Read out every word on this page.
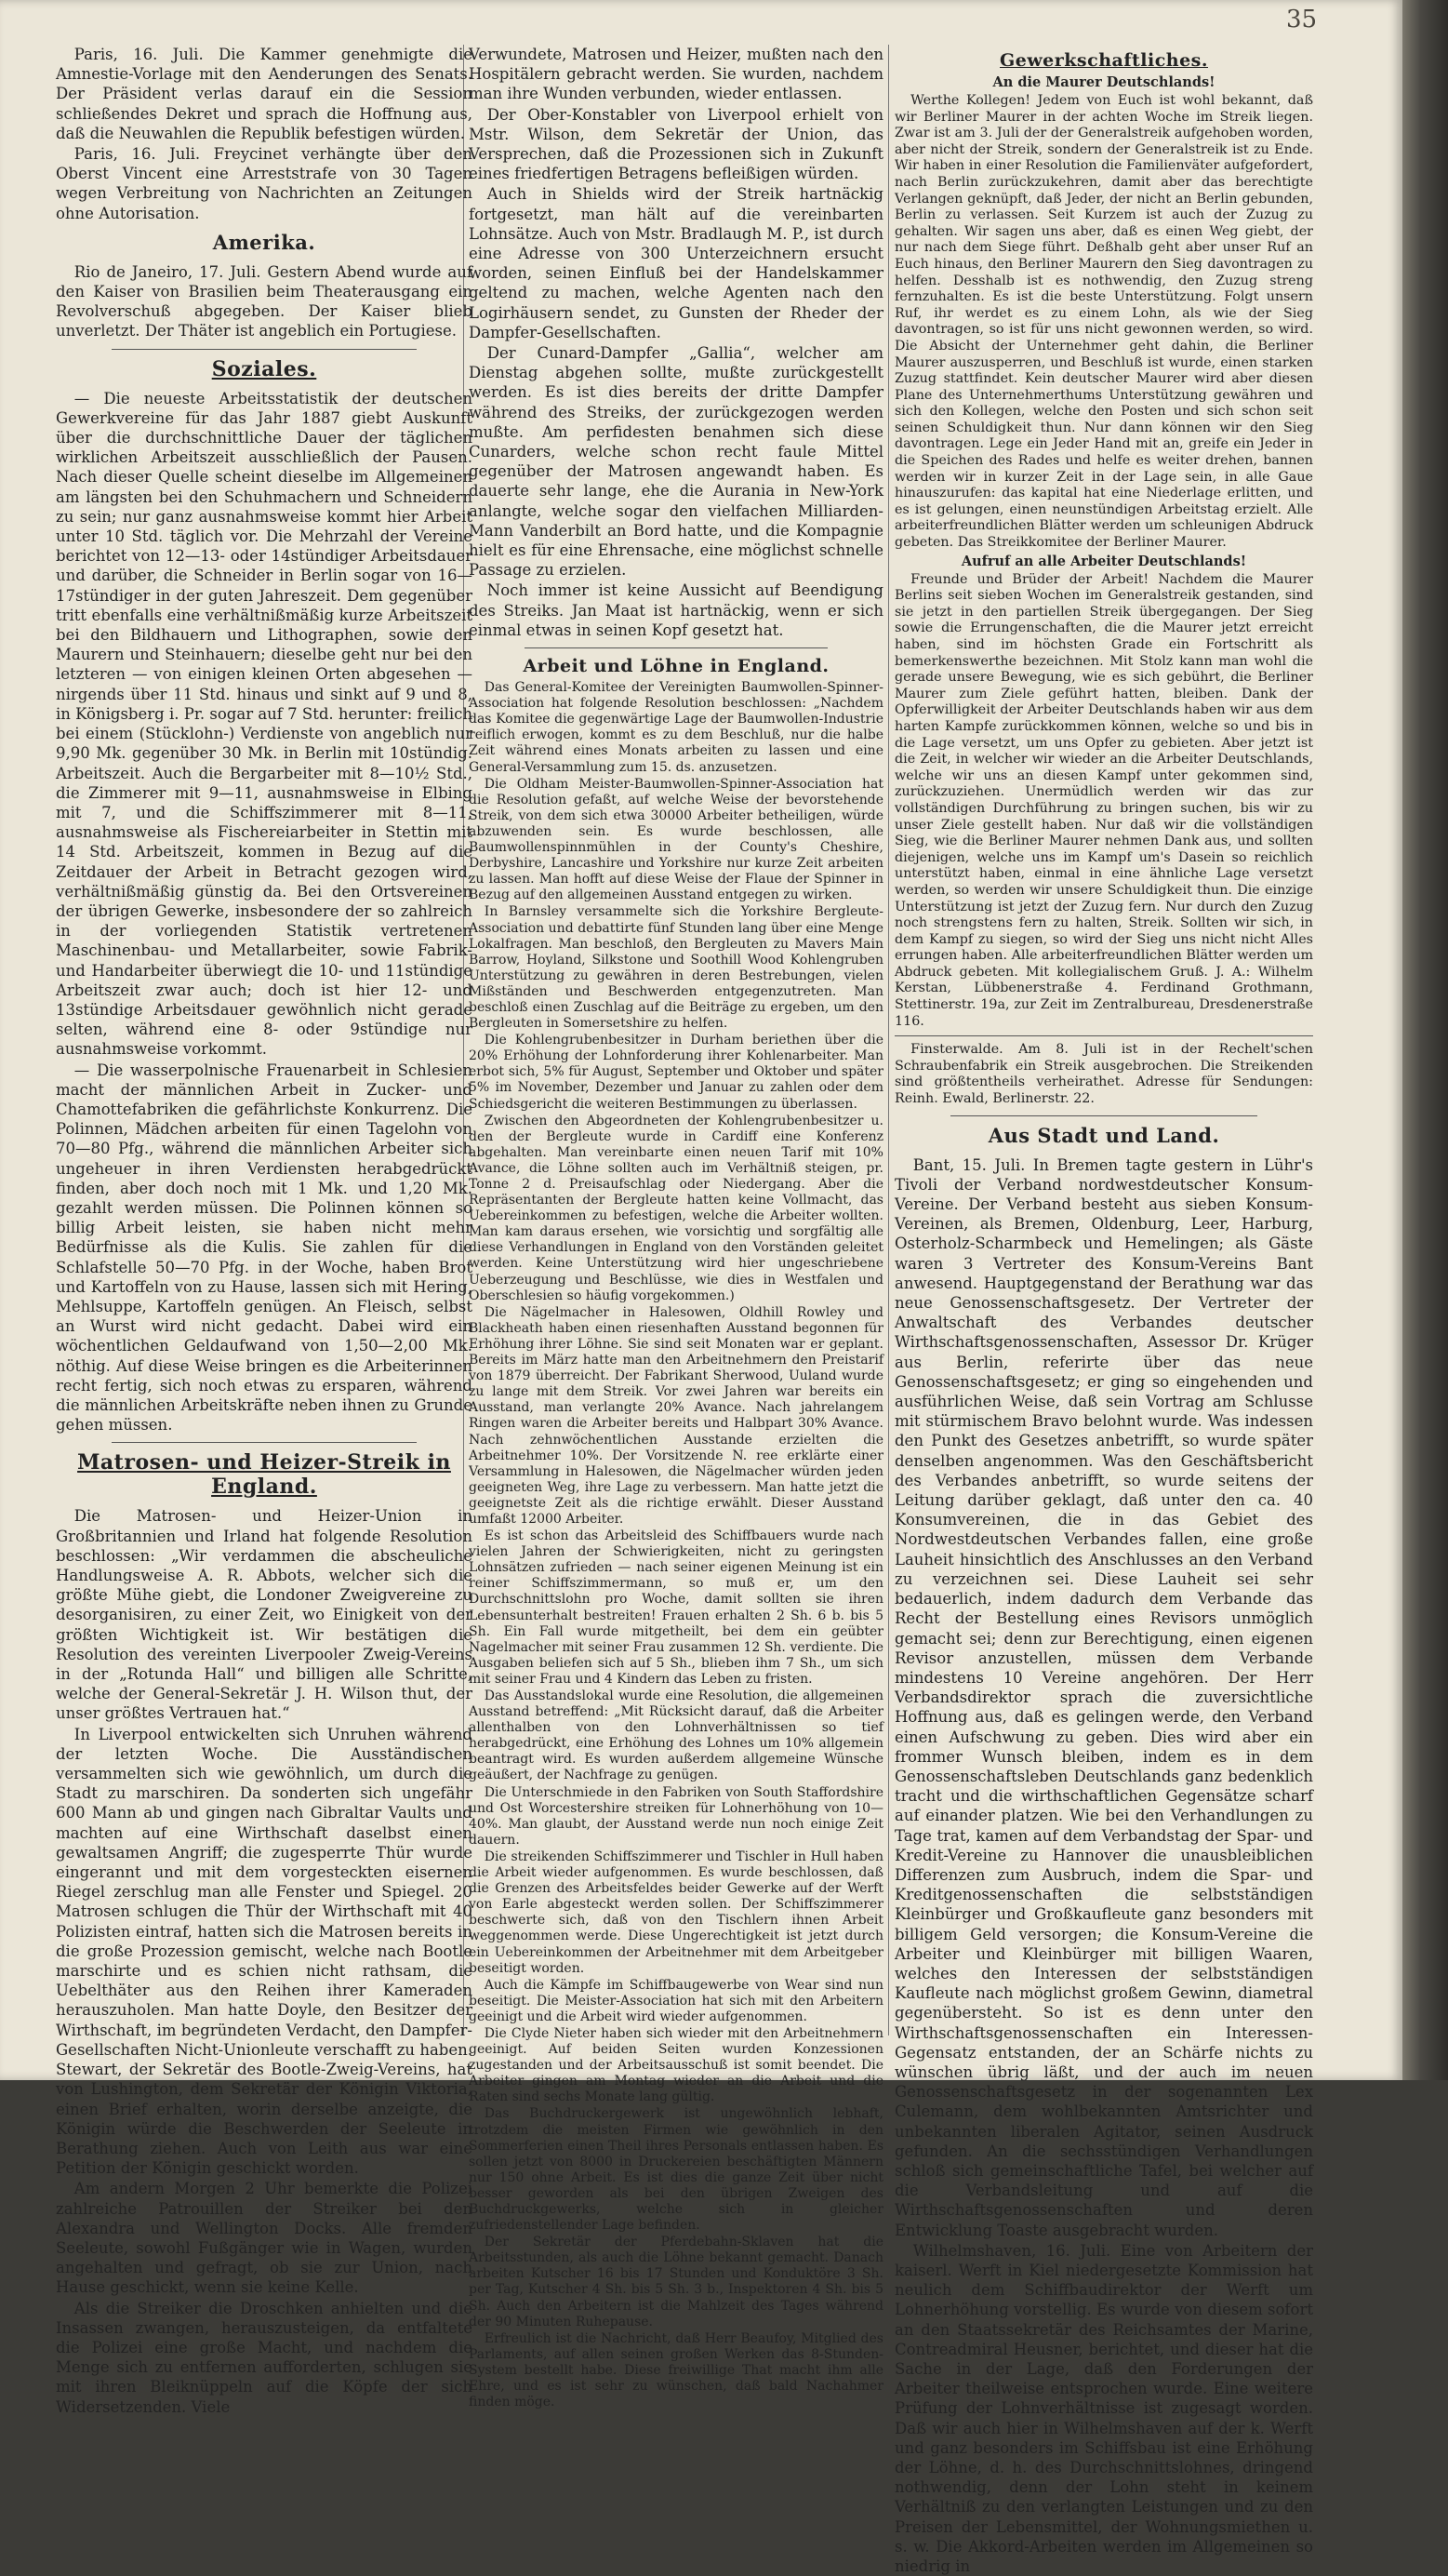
35

Paris, 16. Juli. Die Kammer genehmigte die Amnestie-Vorlage mit den Aenderungen des Senats. Der Präsident verlas darauf ein die Session schließendes Dekret und sprach die Hoffnung aus, daß die Neuwahlen die Republik befestigen würden.

Paris, 16. Juli. Freycinet verhängte über den Oberst Vincent eine Arreststrafe von 30 Tagen wegen Verbreitung von Nachrichten an Zeitungen ohne Autorisation.

Amerika.

Rio de Janeiro, 17. Juli. Gestern Abend wurde auf den Kaiser von Brasilien beim Theaterausgang ein Revolverschuß abgegeben. Der Kaiser blieb unverletzt. Der Thäter ist angeblich ein Portugiese.

Soziales.

— Die neueste Arbeitsstatistik der deutschen Gewerkvereine für das Jahr 1887 giebt Auskunft über die durchschnittliche Dauer der täglichen wirklichen Arbeitszeit ausschließlich der Pausen. Nach dieser Quelle scheint dieselbe im Allgemeinen am längsten bei den Schuhmachern und Schneidern zu sein; nur ganz ausnahmsweise kommt hier Arbeit unter 10 Std. täglich vor. Die Mehrzahl der Vereine berichtet von 12—13- oder 14stündiger Arbeitsdauer und darüber, die Schneider in Berlin sogar von 16—17stündiger in der guten Jahreszeit. Dem gegenüber tritt ebenfalls eine verhältnißmäßig kurze Arbeitszeit bei den Bildhauern und Lithographen, sowie den Maurern und Steinhauern; dieselbe geht nur bei den letzteren — von einigen kleinen Orten abgesehen — nirgends über 11 Std. hinaus und sinkt auf 9 und 8, in Königsberg i. Pr. sogar auf 7 Std. herunter: freilich bei einem (Stücklohn-) Verdienste von angeblich nur 9,90 Mk. gegenüber 30 Mk. in Berlin mit 10stündig. Arbeitszeit. Auch die Bergarbeiter mit 8—10½ Std., die Zimmerer mit 9—11, ausnahmsweise in Elbing mit 7, und die Schiffszimmerer mit 8—11, ausnahmsweise als Fischereiarbeiter in Stettin mit 14 Std. Arbeitszeit, kommen in Bezug auf die Zeitdauer der Arbeit in Betracht gezogen wird, verhältnißmäßig günstig da. Bei den Ortsvereinen der übrigen Gewerke, insbesondere der so zahlreich in der vorliegenden Statistik vertretenen Maschinenbau- und Metallarbeiter, sowie Fabrik- und Handarbeiter überwiegt die 10- und 11stündige Arbeitszeit zwar auch; doch ist hier 12- und 13stündige Arbeitsdauer gewöhnlich nicht gerade selten, während eine 8- oder 9stündige nur ausnahmsweise vorkommt.

— Die wasserpolnische Frauenarbeit in Schlesien macht der männlichen Arbeit in Zucker- und Chamottefabriken die gefährlichste Konkurrenz. Die Polinnen, Mädchen arbeiten für einen Tagelohn von 70—80 Pfg., während die männlichen Arbeiter sich ungeheuer in ihren Verdiensten herabgedrückt finden, aber doch noch mit 1 Mk. und 1,20 Mk. gezahlt werden müssen. Die Polinnen können so billig Arbeit leisten, sie haben nicht mehr Bedürfnisse als die Kulis. Sie zahlen für die Schlafstelle 50—70 Pfg. in der Woche, haben Brot und Kartoffeln von zu Hause, lassen sich mit Hering, Mehlsuppe, Kartoffeln genügen. An Fleisch, selbst an Wurst wird nicht gedacht. Dabei wird ein wöchentlichen Geldaufwand von 1,50—2,00 Mk. nöthig. Auf diese Weise bringen es die Arbeiterinnen recht fertig, sich noch etwas zu ersparen, während die männlichen Arbeitskräfte neben ihnen zu Grunde gehen müssen.

Matrosen- und Heizer-Streik in England.

Die Matrosen- und Heizer-Union in Großbritannien und Irland hat folgende Resolution beschlossen: „Wir verdammen die abscheuliche Handlungsweise A. R. Abbots, welcher sich die größte Mühe giebt, die Londoner Zweigvereine zu desorganisiren, zu einer Zeit, wo Einigkeit von der größten Wichtigkeit ist. Wir bestätigen die Resolution des vereinten Liverpooler Zweig-Vereins in der „Rotunda Hall“ und billigen alle Schritte, welche der General-Sekretär J. H. Wilson thut, der unser größtes Vertrauen hat.“

In Liverpool entwickelten sich Unruhen während der letzten Woche. Die Ausständischen versammelten sich wie gewöhnlich, um durch die Stadt zu marschiren. Da sonderten sich ungefähr 600 Mann ab und gingen nach Gibraltar Vaults und machten auf eine Wirthschaft daselbst einen gewaltsamen Angriff; die zugesperrte Thür wurde eingerannt und mit dem vorgesteckten eisernen Riegel zerschlug man alle Fenster und Spiegel. 20 Matrosen schlugen die Thür der Wirthschaft mit 40 Polizisten eintraf, hatten sich die Matrosen bereits in die große Prozession gemischt, welche nach Bootle marschirte und es schien nicht rathsam, die Uebelthäter aus den Reihen ihrer Kameraden herauszuholen. Man hatte Doyle, den Besitzer der Wirthschaft, im begründeten Verdacht, den Dampfer-Gesellschaften Nicht-Unionleute verschafft zu haben. Stewart, der Sekretär des Bootle-Zweig-Vereins, hat von Lushington, dem Sekretär der Königin Viktoria, einen Brief erhalten, worin derselbe anzeigte, die Königin würde die Beschwerden der Seeleute in Berathung ziehen. Auch von Leith aus war eine Petition der Königin geschickt worden.

Am andern Morgen 2 Uhr bemerkte die Polizei zahlreiche Patrouillen der Streiker bei den Alexandra und Wellington Docks. Alle fremden Seeleute, sowohl Fußgänger wie in Wagen, wurden angehalten und gefragt, ob sie zur Union, nach Hause geschickt, wenn sie keine Kelle.

Als die Streiker die Droschken anhielten und die Insassen zwangen, herauszusteigen, da entfaltete die Polizei eine große Macht, und nachdem die Menge sich zu entfernen aufforderten, schlugen sie mit ihren Bleiknüppeln auf die Köpfe der sich Widersetzenden. Viele

Verwundete, Matrosen und Heizer, mußten nach den Hospitälern gebracht werden. Sie wurden, nachdem man ihre Wunden verbunden, wieder entlassen.

Der Ober-Konstabler von Liverpool erhielt von Mstr. Wilson, dem Sekretär der Union, das Versprechen, daß die Prozessionen sich in Zukunft eines friedfertigen Betragens befleißigen würden.

Auch in Shields wird der Streik hartnäckig fortgesetzt, man hält auf die vereinbarten Lohnsätze. Auch von Mstr. Bradlaugh M. P., ist durch eine Adresse von 300 Unterzeichnern ersucht worden, seinen Einfluß bei der Handelskammer geltend zu machen, welche Agenten nach den Logirhäusern sendet, zu Gunsten der Rheder der Dampfer-Gesellschaften.

Der Cunard-Dampfer „Gallia“, welcher am Dienstag abgehen sollte, mußte zurückgestellt werden. Es ist dies bereits der dritte Dampfer während des Streiks, der zurückgezogen werden mußte. Am perfidesten benahmen sich diese Cunarders, welche schon recht faule Mittel gegenüber der Matrosen angewandt haben. Es dauerte sehr lange, ehe die Aurania in New-York anlangte, welche sogar den vielfachen Milliarden-Mann Vanderbilt an Bord hatte, und die Kompagnie hielt es für eine Ehrensache, eine möglichst schnelle Passage zu erzielen.

Noch immer ist keine Aussicht auf Beendigung des Streiks. Jan Maat ist hartnäckig, wenn er sich einmal etwas in seinen Kopf gesetzt hat.

Arbeit und Löhne in England.

Das General-Komitee der Vereinigten Baumwollen-Spinner-Association hat folgende Resolution beschlossen: „Nachdem das Komitee die gegenwärtige Lage der Baumwollen-Industrie reiflich erwogen, kommt es zu dem Beschluß, nur die halbe Zeit während eines Monats arbeiten zu lassen und eine General-Versammlung zum 15. ds. anzusetzen.

Die Oldham Meister-Baumwollen-Spinner-Association hat die Resolution gefaßt, auf welche Weise der bevorstehende Streik, von dem sich etwa 30000 Arbeiter betheiligen, würde abzuwenden sein. Es wurde beschlossen, alle Baumwollenspinnmühlen in der County's Cheshire, Derbyshire, Lancashire und Yorkshire nur kurze Zeit arbeiten zu lassen. Man hofft auf diese Weise der Flaue der Spinner in Bezug auf den allgemeinen Ausstand entgegen zu wirken.

In Barnsley versammelte sich die Yorkshire Bergleute-Association und debattirte fünf Stunden lang über eine Menge Lokalfragen. Man beschloß, den Bergleuten zu Mavers Main Barrow, Hoyland, Silkstone und Soothill Wood Kohlengruben Unterstützung zu gewähren in deren Bestrebungen, vielen Mißständen und Beschwerden entgegenzutreten. Man beschloß einen Zuschlag auf die Beiträge zu ergeben, um den Bergleuten in Somersetshire zu helfen.

Die Kohlengrubenbesitzer in Durham beriethen über die 20% Erhöhung der Lohnforderung ihrer Kohlenarbeiter. Man erbot sich, 5% für August, September und Oktober und später 5% im November, Dezember und Januar zu zahlen oder dem Schiedsgericht die weiteren Bestimmungen zu überlassen.

Zwischen den Abgeordneten der Kohlengrubenbesitzer u. den der Bergleute wurde in Cardiff eine Konferenz abgehalten. Man vereinbarte einen neuen Tarif mit 10% Avance, die Löhne sollten auch im Verhältniß steigen, pr. Tonne 2 d. Preisaufschlag oder Niedergang. Aber die Repräsentanten der Bergleute hatten keine Vollmacht, das Uebereinkommen zu befestigen, welche die Arbeiter wollten. Man kam daraus ersehen, wie vorsichtig und sorgfältig alle diese Verhandlungen in England von den Vorständen geleitet werden. Keine Unterstützung wird hier ungeschriebene Ueberzeugung und Beschlüsse, wie dies in Westfalen und Oberschlesien so häufig vorgekommen.)

Die Nägelmacher in Halesowen, Oldhill Rowley und Blackheath haben einen riesenhaften Ausstand begonnen für Erhöhung ihrer Löhne. Sie sind seit Monaten war er geplant. Bereits im März hatte man den Arbeitnehmern den Preistarif von 1879 überreicht. Der Fabrikant Sherwood, Uuland wurde zu lange mit dem Streik. Vor zwei Jahren war bereits ein Ausstand, man verlangte 20% Avance. Nach jahrelangem Ringen waren die Arbeiter bereits und Halbpart 30% Avance. Nach zehnwöchentlichen Ausstande erzielten die Arbeitnehmer 10%. Der Vorsitzende N. ree erklärte einer Versammlung in Halesowen, die Nägelmacher würden jeden geeigneten Weg, ihre Lage zu verbessern. Man hatte jetzt die geeignetste Zeit als die richtige erwählt. Dieser Ausstand umfaßt 12000 Arbeiter.

Es ist schon das Arbeitsleid des Schiffbauers wurde nach vielen Jahren der Schwierigkeiten, nicht zu geringsten Lohnsätzen zufrieden — nach seiner eigenen Meinung ist ein reiner Schiffszimmermann, so muß er, um den Durchschnittslohn pro Woche, damit sollten sie ihren Lebensunterhalt bestreiten! Frauen erhalten 2 Sh. 6 b. bis 5 Sh. Ein Fall wurde mitgetheilt, bei dem ein geübter Nagelmacher mit seiner Frau zusammen 12 Sh. verdiente. Die Ausgaben beliefen sich auf 5 Sh., blieben ihm 7 Sh., um sich mit seiner Frau und 4 Kindern das Leben zu fristen.

Das Ausstandslokal wurde eine Resolution, die allgemeinen Ausstand betreffend: „Mit Rücksicht darauf, daß die Arbeiter allenthalben von den Lohnverhältnissen so tief herabgedrückt, eine Erhöhung des Lohnes um 10% allgemein beantragt wird. Es wurden außerdem allgemeine Wünsche geäußert, der Nachfrage zu genügen.

Die Unterschmiede in den Fabriken von South Staffordshire und Ost Worcestershire streiken für Lohnerhöhung von 10—40%. Man glaubt, der Ausstand werde nun noch einige Zeit dauern.

Die streikenden Schiffszimmerer und Tischler in Hull haben die Arbeit wieder aufgenommen. Es wurde beschlossen, daß die Grenzen des Arbeitsfeldes beider Gewerke auf der Werft von Earle abgesteckt werden sollen. Der Schiffszimmerer beschwerte sich, daß von den Tischlern ihnen Arbeit weggenommen werde. Diese Ungerechtigkeit ist jetzt durch ein Uebereinkommen der Arbeitnehmer mit dem Arbeitgeber beseitigt worden.

Auch die Kämpfe im Schiffbaugewerbe von Wear sind nun beseitigt. Die Meister-Association hat sich mit den Arbeitern geeinigt und die Arbeit wird wieder aufgenommen.

Die Clyde Nieter haben sich wieder mit den Arbeitnehmern geeinigt. Auf beiden Seiten wurden Konzessionen zugestanden und der Arbeitsausschuß ist somit beendet. Die Arbeiter gingen am Montag wieder an die Arbeit und die Raten sind sechs Monate lang gültig.

Das Buchdruckergewerk ist ungewöhnlich lebhaft, trotzdem die meisten Firmen wie gewöhnlich in den Sommerferien einen Theil ihres Personals entlassen haben. Es sollen jetzt von 8000 in Druckereien beschäftigten Männern nur 150 ohne Arbeit. Es ist dies die ganze Zeit über nicht besser geworden als bei den übrigen Zweigen des Buchdruckgewerks, welche sich in gleicher zufriedenstellender Lage befinden.

Der Sekretär der Pferdebahn-Sklaven hat die Arbeitsstunden, als auch die Löhne bekannt gemacht. Danach arbeiten Kutscher 16 bis 17 Stunden und Konduktöre 3 Sh. per Tag, Kutscher 4 Sh. bis 5 Sh. 3 b., Inspektoren 4 Sh. bis 5 Sh. Auch den Arbeitern ist die Mahlzeit des Tages während der 90 Minuten Ruhepause.

Erfreulich ist die Nachricht, daß Herr Beaufoy, Mitglied des Parlaments, auf allen seinen großen Werken das 8-Stunden-System bestellt habe. Diese freiwillige That macht ihm alle Ehre, und es ist sehr zu wünschen, daß bald Nachahmer finden möge.

Gewerkschaftliches.
An die Maurer Deutschlands!

Werthe Kollegen! Jedem von Euch ist wohl bekannt, daß wir Berliner Maurer in der achten Woche im Streik liegen. Zwar ist am 3. Juli der der Generalstreik aufgehoben worden, aber nicht der Streik, sondern der Generalstreik ist zu Ende. Wir haben in einer Resolution die Familienväter aufgefordert, nach Berlin zurückzukehren, damit aber das berechtigte Verlangen geknüpft, daß Jeder, der nicht an Berlin gebunden, Berlin zu verlassen. Seit Kurzem ist auch der Zuzug zu gehalten. Wir sagen uns aber, daß es einen Weg giebt, der nur nach dem Siege führt. Deßhalb geht aber unser Ruf an Euch hinaus, den Berliner Maurern den Sieg davontragen zu helfen. Desshalb ist es nothwendig, den Zuzug streng fernzuhalten. Es ist die beste Unterstützung. Folgt unsern Ruf, ihr werdet es zu einem Lohn, als wie der Sieg davontragen, so ist für uns nicht gewonnen werden, so wird. Die Absicht der Unternehmer geht dahin, die Berliner Maurer auszusperren, und Beschluß ist wurde, einen starken Zuzug stattfindet. Kein deutscher Maurer wird aber diesen Plane des Unternehmerthums Unterstützung gewähren und sich den Kollegen, welche den Posten und sich schon seit seinen Schuldigkeit thun. Nur dann können wir den Sieg davontragen. Lege ein Jeder Hand mit an, greife ein Jeder in die Speichen des Rades und helfe es weiter drehen, bannen werden wir in kurzer Zeit in der Lage sein, in alle Gaue hinauszurufen: das kapital hat eine Niederlage erlitten, und es ist gelungen, einen neunstündigen Arbeitstag erzielt. Alle arbeiterfreundlichen Blätter werden um schleunigen Abdruck gebeten. Das Streikkomitee der Berliner Maurer.

Aufruf an alle Arbeiter Deutschlands!

Freunde und Brüder der Arbeit! Nachdem die Maurer Berlins seit sieben Wochen im Generalstreik gestanden, sind sie jetzt in den partiellen Streik übergegangen. Der Sieg sowie die Errungenschaften, die die Maurer jetzt erreicht haben, sind im höchsten Grade ein Fortschritt als bemerkenswerthe bezeichnen. Mit Stolz kann man wohl die gerade unsere Bewegung, wie es sich gebührt, die Berliner Maurer zum Ziele geführt hatten, bleiben. Dank der Opferwilligkeit der Arbeiter Deutschlands haben wir aus dem harten Kampfe zurückkommen können, welche so und bis in die Lage versetzt, um uns Opfer zu gebieten. Aber jetzt ist die Zeit, in welcher wir wieder an die Arbeiter Deutschlands, welche wir uns an diesen Kampf unter gekommen sind, zurückzuziehen. Unermüdlich werden wir das zur vollständigen Durchführung zu bringen suchen, bis wir zu unser Ziele gestellt haben. Nur daß wir die vollständigen Sieg, wie die Berliner Maurer nehmen Dank aus, und sollten diejenigen, welche uns im Kampf um's Dasein so reichlich unterstützt haben, einmal in eine ähnliche Lage versetzt werden, so werden wir unsere Schuldigkeit thun. Die einzige Unterstützung ist jetzt der Zuzug fern. Nur durch den Zuzug noch strengstens fern zu halten, Streik. Sollten wir sich, in dem Kampf zu siegen, so wird der Sieg uns nicht nicht Alles errungen haben. Alle arbeiterfreundlichen Blätter werden um Abdruck gebeten. Mit kollegialischem Gruß. J. A.: Wilhelm Kerstan, Lübbenerstraße 4. Ferdinand Grothmann, Stettinerstr. 19a, zur Zeit im Zentralbureau, Dresdenerstraße 116.

Finsterwalde. Am 8. Juli ist in der Rechelt'schen Schraubenfabrik ein Streik ausgebrochen. Die Streikenden sind größtentheils verheirathet. Adresse für Sendungen: Reinh. Ewald, Berlinerstr. 22.

Aus Stadt und Land.

Bant, 15. Juli. In Bremen tagte gestern in Lühr's Tivoli der Verband nordwestdeutscher Konsum-Vereine. Der Verband besteht aus sieben Konsum-Vereinen, als Bremen, Oldenburg, Leer, Harburg, Osterholz-Scharmbeck und Hemelingen; als Gäste waren 3 Vertreter des Konsum-Vereins Bant anwesend. Hauptgegenstand der Berathung war das neue Genossenschaftsgesetz. Der Vertreter der Anwaltschaft des Verbandes deutscher Wirthschaftsgenossenschaften, Assessor Dr. Krüger aus Berlin, referirte über das neue Genossenschaftsgesetz; er ging so eingehenden und ausführlichen Weise, daß sein Vortrag am Schlusse mit stürmischem Bravo belohnt wurde. Was indessen den Punkt des Gesetzes anbetrifft, so wurde später denselben angenommen. Was den Geschäftsbericht des Verbandes anbetrifft, so wurde seitens der Leitung darüber geklagt, daß unter den ca. 40 Konsumvereinen, die in das Gebiet des Nordwestdeutschen Verbandes fallen, eine große Lauheit hinsichtlich des Anschlusses an den Verband zu verzeichnen sei. Diese Lauheit sei sehr bedauerlich, indem dadurch dem Verbande das Recht der Bestellung eines Revisors unmöglich gemacht sei; denn zur Berechtigung, einen eigenen Revisor anzustellen, müssen dem Verbande mindestens 10 Vereine angehören. Der Herr Verbandsdirektor sprach die zuversichtliche Hoffnung aus, daß es gelingen werde, den Verband einen Aufschwung zu geben. Dies wird aber ein frommer Wunsch bleiben, indem es in dem Genossenschaftsleben Deutschlands ganz bedenklich tracht und die wirthschaftlichen Gegensätze scharf auf einander platzen. Wie bei den Verhandlungen zu Tage trat, kamen auf dem Verbandstag der Spar- und Kredit-Vereine zu Hannover die unausbleiblichen Differenzen zum Ausbruch, indem die Spar- und Kreditgenossenschaften die selbstständigen Kleinbürger und Großkaufleute ganz besonders mit billigem Geld versorgen; die Konsum-Vereine die Arbeiter und Kleinbürger mit billigen Waaren, welches den Interessen der selbstständigen Kaufleute nach möglichst großem Gewinn, diametral gegenübersteht. So ist es denn unter den Wirthschaftsgenossenschaften ein Interessen-Gegensatz entstanden, der an Schärfe nichts zu wünschen übrig läßt, und der auch im neuen Genossenschaftsgesetz in der sogenannten Lex Culemann, dem wohlbekannten Amtsrichter und unbekannten liberalen Agitator, seinen Ausdruck gefunden. An die sechsstündigen Verhandlungen schloß sich gemeinschaftliche Tafel, bei welcher auf die Verbandsleitung und auf die Wirthschaftsgenossenschaften und deren Entwicklung Toaste ausgebracht wurden.

Wilhelmshaven, 16. Juli. Eine von Arbeitern der kaiserl. Werft in Kiel niedergesetzte Kommission hat neulich dem Schiffbaudirektor der Werft um Lohnerhöhung vorstellig. Es wurde von diesem sofort an den Staatssekretär des Reichsamtes der Marine, Contreadmiral Heusner, berichtet, und dieser hat die Sache in der Lage, daß den Forderungen der Arbeiter theilweise entsprochen wurde. Eine weitere Prüfung der Lohnverhältnisse ist zugesagt worden. Daß wir auch hier in Wilhelmshaven auf der k. Werft und ganz besonders im Schiffsbau ist eine Erhöhung der Löhne, d. h. des Durchschnittslohnes, dringend nothwendig, denn der Lohn steht in keinem Verhältniß zu den verlangten Leistungen und zu den Preisen der Lebensmittel, der Wohnungsmiethen u. s. w. Die Akkord-Arbeiten werden im Allgemeinen so niedrig in
